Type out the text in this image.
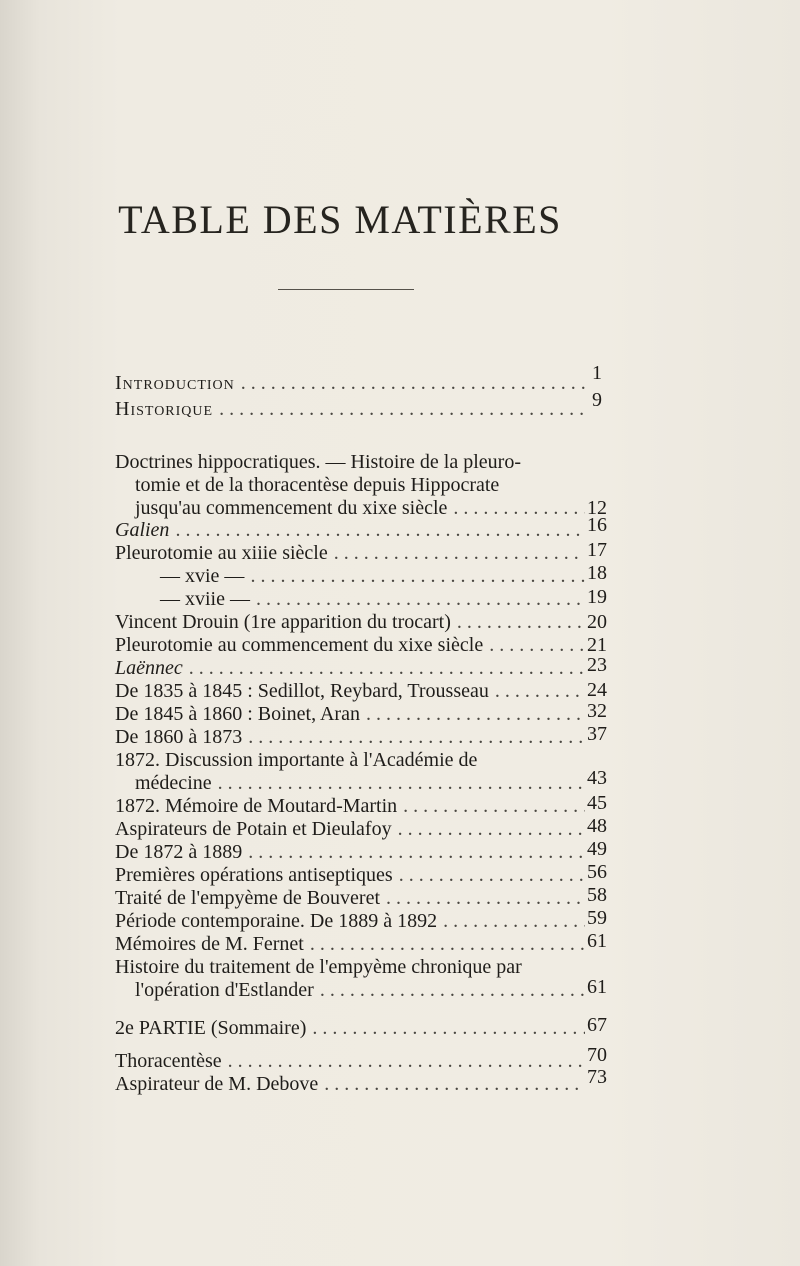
TABLE DES MATIÈRES
Introduction . . .	1
Historique . . .	9
Doctrines hippocratiques. — Histoire de la pleuro-
tomie et de la thoracentèse depuis Hippocrate
jusqu'au commencement du xixe siècle . . .	12
Galien . . .	16
Pleurotomie au xiiie siècle . . .	17
— xvie — . . .	18
— xviie — . . .	19
Vincent Drouin (1re apparition du trocart) . . .	20
Pleurotomie au commencement du xixe siècle . . .	21
Laënnec . . .	23
De 1835 à 1845 : Sedillot, Reybard, Trousseau . . .	24
De 1845 à 1860 : Boinet, Aran . . .	32
De 1860 à 1873 . . .	37
1872. Discussion importante à l'Académie de
médecine . . .	43
1872. Mémoire de Moutard-Martin . . .	45
Aspirateurs de Potain et Dieulafoy . . .	48
De 1872 à 1889 . . .	49
Premières opérations antiseptiques . . .	56
Traité de l'empyème de Bouveret . . .	58
Période contemporaine. De 1889 à 1892 . . .	59
Mémoires de M. Fernet . . .	61
Histoire du traitement de l'empyème chronique par
l'opération d'Estlander . . .	61
2e PARTIE (Sommaire) . . .	67
Thoracentèse . . .	70
Aspirateur de M. Debove . . .	73
